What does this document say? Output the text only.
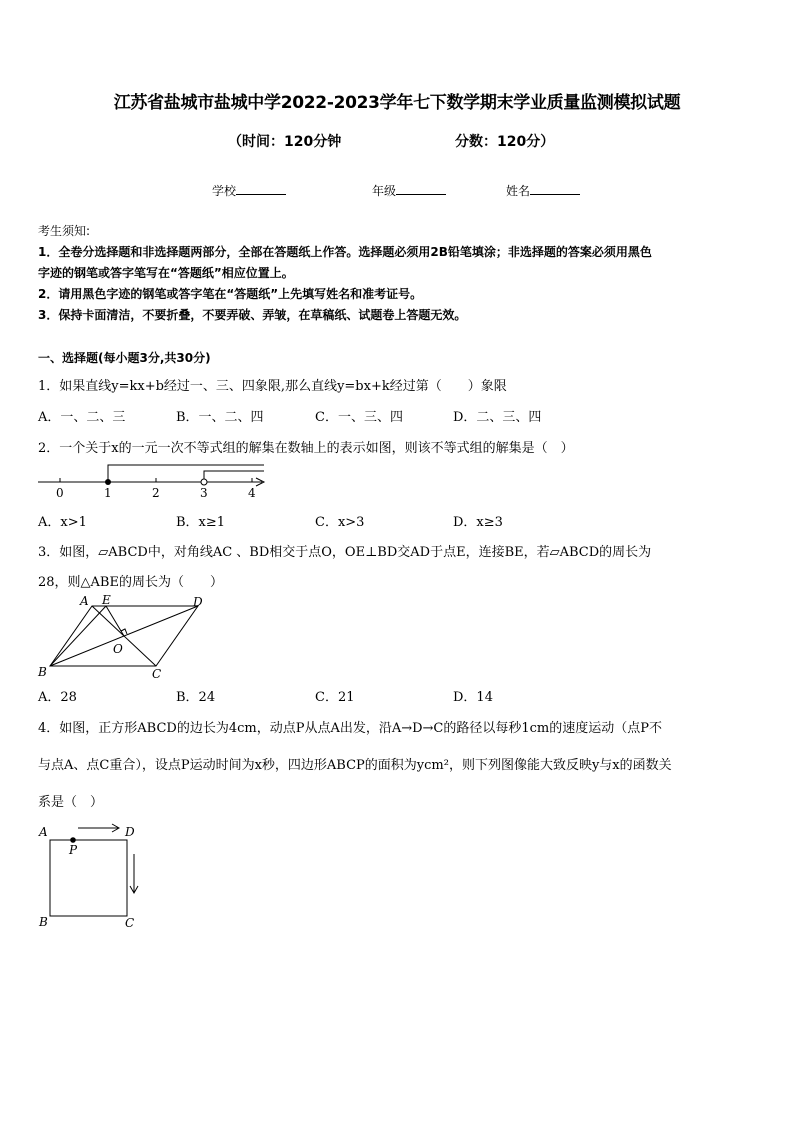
江苏省盐城市盐城中学2022-2023学年七下数学期末学业质量监测模拟试题
（时间：120分钟	分数：120分）
学校	年级	姓名
考生须知:
1．全卷分选择题和非选择题两部分，全部在答题纸上作答。选择题必须用2B铅笔填涂；非选择题的答案必须用黑色
字迹的钢笔或答字笔写在“答题纸”相应位置上。
2．请用黑色字迹的钢笔或答字笔在“答题纸”上先填写姓名和准考证号。
3．保持卡面清洁，不要折叠，不要弄破、弄皱，在草稿纸、试题卷上答题无效。
一、选择题(每小题3分,共30分)
1．如果直线y=kx+b经过一、三、四象限,那么直线y=bx+k经过第（　　）象限
A．一、二、三	B．一、二、四	C．一、三、四	D．二、三、四
2．一个关于x的一元一次不等式组的解集在数轴上的表示如图，则该不等式组的解集是（　）
0	1	2	3	4
A．x>1	B．x≥1	C．x>3	D．x≥3
3．如图，▱ABCD中，对角线AC 、BD相交于点O，OE⊥BD交AD于点E，连接BE，若▱ABCD的周长为
28，则△ABE的周长为（　　）
A E	D
O
B	C
A．28	B．24	C．21	D．14
4．如图，正方形ABCD的边长为4cm，动点P从点A出发，沿A→D→C的路径以每秒1cm的速度运动（点P不
与点A、点C重合），设点P运动时间为x秒，四边形ABCP的面积为ycm²，则下列图像能大致反映y与x的函数关
系是（　）
A	D
P
B	C
